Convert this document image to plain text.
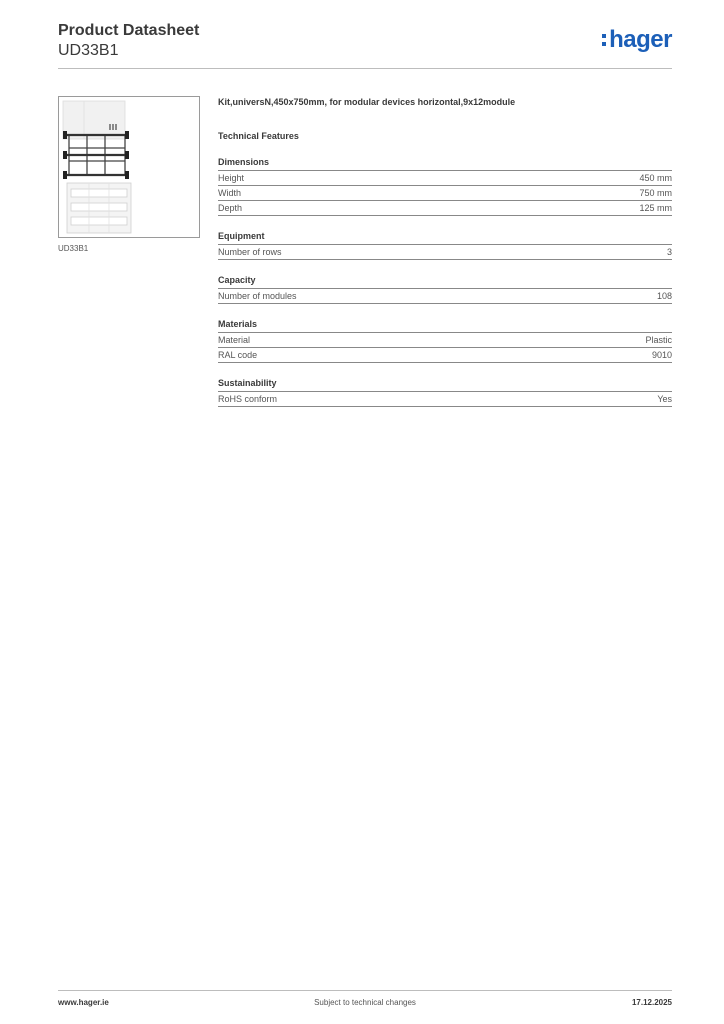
Product Datasheet
UD33B1	hager
UD33B1
Kit,universN,450x750mm, for modular devices horizontal,9x12module
Technical Features
Dimensions
Height	450 mm
Width	750 mm
Depth	125 mm
Equipment
Number of rows	3
Capacity
Number of modules	108
Materials
Material	Plastic
RAL code	9010
Sustainability
RoHS conform	Yes
www.hager.ie	Subject to technical changes	17.12.2025
